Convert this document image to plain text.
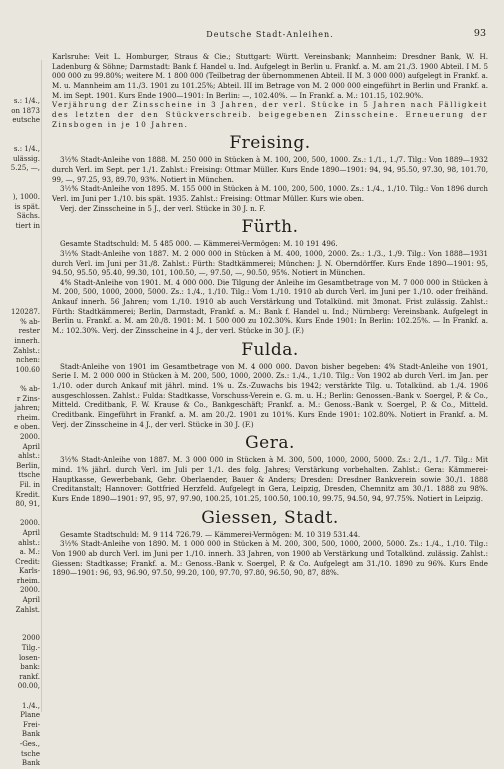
s.: 1/4.,
on 1873
eutsche
s.: 1/4.,
ulässig.
5.25, —,
), 1000.
is spät.
Sächs.
tiert in
120287.
% ab-
rester
innerh.
Zahlst.:
nchen:
100.60
% ab-
r Zins-
jahren;
rheim.
e oben.
2000.
April
ahlst.:
Berlin,
ttsche
Fil. in
Kredit.
80, 91,
2000.
April
ahlst.:
a. M.:
Credit:
Karls-
rheim.
2000.
April
Zahlst.
2000
Tilg.-
losen-
bank:
rankf.
00.00,
1./4.,
Plane
Frei-
Bank
-Ges.,
tsche
Bank
Deutsche Stadt-Anleihen.	93

Karlsruhe: Veit L. Homburger, Straus & Cie.; Stuttgart: Württ. Vereinsbank; Mannheim: Dresdner Bank, W. H. Ladenburg & Söhne; Darmstadt: Bank f. Handel u. Ind. Aufgelegt in Berlin u. Frankf. a. M. am 21./3. 1900 Abteil. I M. 5 000 000 zu 99.80%; weitere M. 1 800 000 (Teilbetrag der übernommenen Abteil. II M. 3 000 000) aufgelegt in Frankf. a. M. u. Mannheim am 11./3. 1901 zu 101.25%; Abteil. III im Betrage von M. 2 000 000 eingeführt in Berlin und Frankf. a. M. im Sept. 1901. Kurs Ende 1900—1901: In Berlin: —, 102.40%. — In Frankf. a. M.: 101.15, 102.90%.

Verjährung der Zinsscheine in 3 Jahren, der verl. Stücke in 5 Jahren nach Fälligkeit des letzten der den Stückverschreib. beigegebenen Zinsscheine. Erneuerung der Zinsbogen in je 10 Jahren.

Freising.

3½% Stadt-Anleihe von 1888. M. 250 000 in Stücken à M. 100, 200, 500, 1000. Zs.: 1./1., 1./7. Tilg.: Von 1889—1932 durch Verl. im Sept. per 1./1. Zahlst.: Freising: Ottmar Müller. Kurs Ende 1890—1901: 94, 94, 95.50, 97.30, 98, 101.70, 99, —, 97.25, 93, 89.70, 93%. Notiert in München.

3½% Stadt-Anleihe von 1895. M. 155 000 in Stücken à M. 100, 200, 500, 1000. Zs.: 1./4., 1./10. Tilg.: Von 1896 durch Verl. im Juni per 1./10. bis spät. 1935. Zahlst.: Freising: Ottmar Müller. Kurs wie oben.

Verj. der Zinsscheine in 5 J., der verl. Stücke in 30 J. n. F.

Fürth.

Gesamte Stadtschuld: M. 5 485 000. — Kämmerei-Vermögen: M. 10 191 496.

3½% Stadt-Anleihe von 1887. M. 2 000 000 in Stücken à M. 400, 1000, 2000. Zs.: 1./3., 1./9. Tilg.: Von 1888—1931 durch Verl. im Juni per 31./8. Zahlst.: Fürth: Stadtkämmerei; München: J. N. Oberndörffer. Kurs Ende 1890—1901: 95, 94.50, 95.50, 95.40, 99.30, 101, 100.50, —, 97.50, —, 90.50, 95%. Notiert in München.

4% Stadt-Anleihe von 1901. M. 4 000 000. Die Tilgung der Anleihe im Gesamtbetrage von M. 7 000 000 in Stücken à M. 200, 500, 1000, 2000, 5000. Zs.: 1./4., 1./10. Tilg.: Vom 1./10. 1910 ab durch Verl. im Juni per 1./10. oder freihänd. Ankauf innerh. 56 Jahren; vom 1./10. 1910 ab auch Verstärkung und Totalkünd. mit 3monat. Frist zulässig. Zahlst.: Fürth: Stadtkämmerei; Berlin, Darmstadt, Frankf. a. M.: Bank f. Handel u. Ind.; Nürnberg: Vereinsbank. Aufgelegt in Berlin u. Frankf. a. M. am 20./8. 1901: M. 1 500 000 zu 102.30%. Kurs Ende 1901: In Berlin: 102.25%. — In Frankf. a. M.: 102.30%. Verj. der Zinsscheine in 4 J., der verl. Stücke in 30 J. (F.)

Fulda.

Stadt-Anleihe von 1901 im Gesamtbetrage von M. 4 000 000. Davon bisher begeben: 4% Stadt-Anleihe von 1901, Serie I. M. 2 000 000 in Stücken à M. 200, 500, 1000, 2000. Zs.: 1./4., 1./10. Tilg.: Von 1902 ab durch Verl. im Jan. per 1./10. oder durch Ankauf mit jährl. mind. 1% u. Zs.-Zuwachs bis 1942; verstärkte Tilg. u. Totalkünd. ab 1./4. 1906 ausgeschlossen. Zahlst.: Fulda: Stadtkasse, Vorschuss-Verein e. G. m. u. H.; Berlin: Genossen.-Bank v. Soergel, P. & Co., Mitteld. Creditbank, F. W. Krause & Co., Bankgeschäft; Frankf. a. M.: Genoss.-Bank v. Soergel, P. & Co., Mitteld. Creditbank. Eingeführt in Frankf. a. M. am 20./2. 1901 zu 101%. Kurs Ende 1901: 102.80%. Notiert in Frankf. a. M. Verj. der Zinsscheine in 4 J., der verl. Stücke in 30 J. (F.)

Gera.

3½% Stadt-Anleihe von 1887. M. 3 000 000 in Stücken à M. 300, 500, 1000, 2000, 5000. Zs.: 2./1., 1./7. Tilg.: Mit mind. 1% jährl. durch Verl. im Juli per 1./1. des folg. Jahres; Verstärkung vorbehalten. Zahlst.: Gera: Kämmerei-Hauptkasse, Gewerbebank, Gebr. Oberlaender, Bauer & Anders; Dresden: Dresdner Bankverein sowie 30./1. 1888 Creditanstalt; Hannover: Gottfried Herzfeld. Aufgelegt in Gera, Leipzig, Dresden, Chemnitz am 30./1. 1888 zu 98%. Kurs Ende 1890—1901: 97, 95, 97, 97.90, 100.25, 101.25, 100.50, 100.10, 99.75, 94.50, 94, 97.75%. Notiert in Leipzig.

Giessen, Stadt.

Gesamte Stadtschuld: M. 9 114 726.79. — Kämmerei-Vermögen: M. 10 319 531.44.

3½% Stadt-Anleihe von 1890. M. 1 000 000 in Stücken à M. 200, 300, 500, 1000, 2000, 5000. Zs.: 1./4., 1./10. Tilg.: Von 1900 ab durch Verl. im Juni per 1./10. innerh. 33 Jahren, von 1900 ab Verstärkung und Totalkünd. zulässig. Zahlst.: Giessen: Stadtkasse; Frankf. a. M.: Genoss.-Bank v. Soergel, P. & Co. Aufgelegt am 31./10. 1890 zu 96%. Kurs Ende 1890—1901: 96, 93, 96.90, 97.50, 99.20, 100, 97.70, 97.80, 96.50, 90, 87, 88%.
